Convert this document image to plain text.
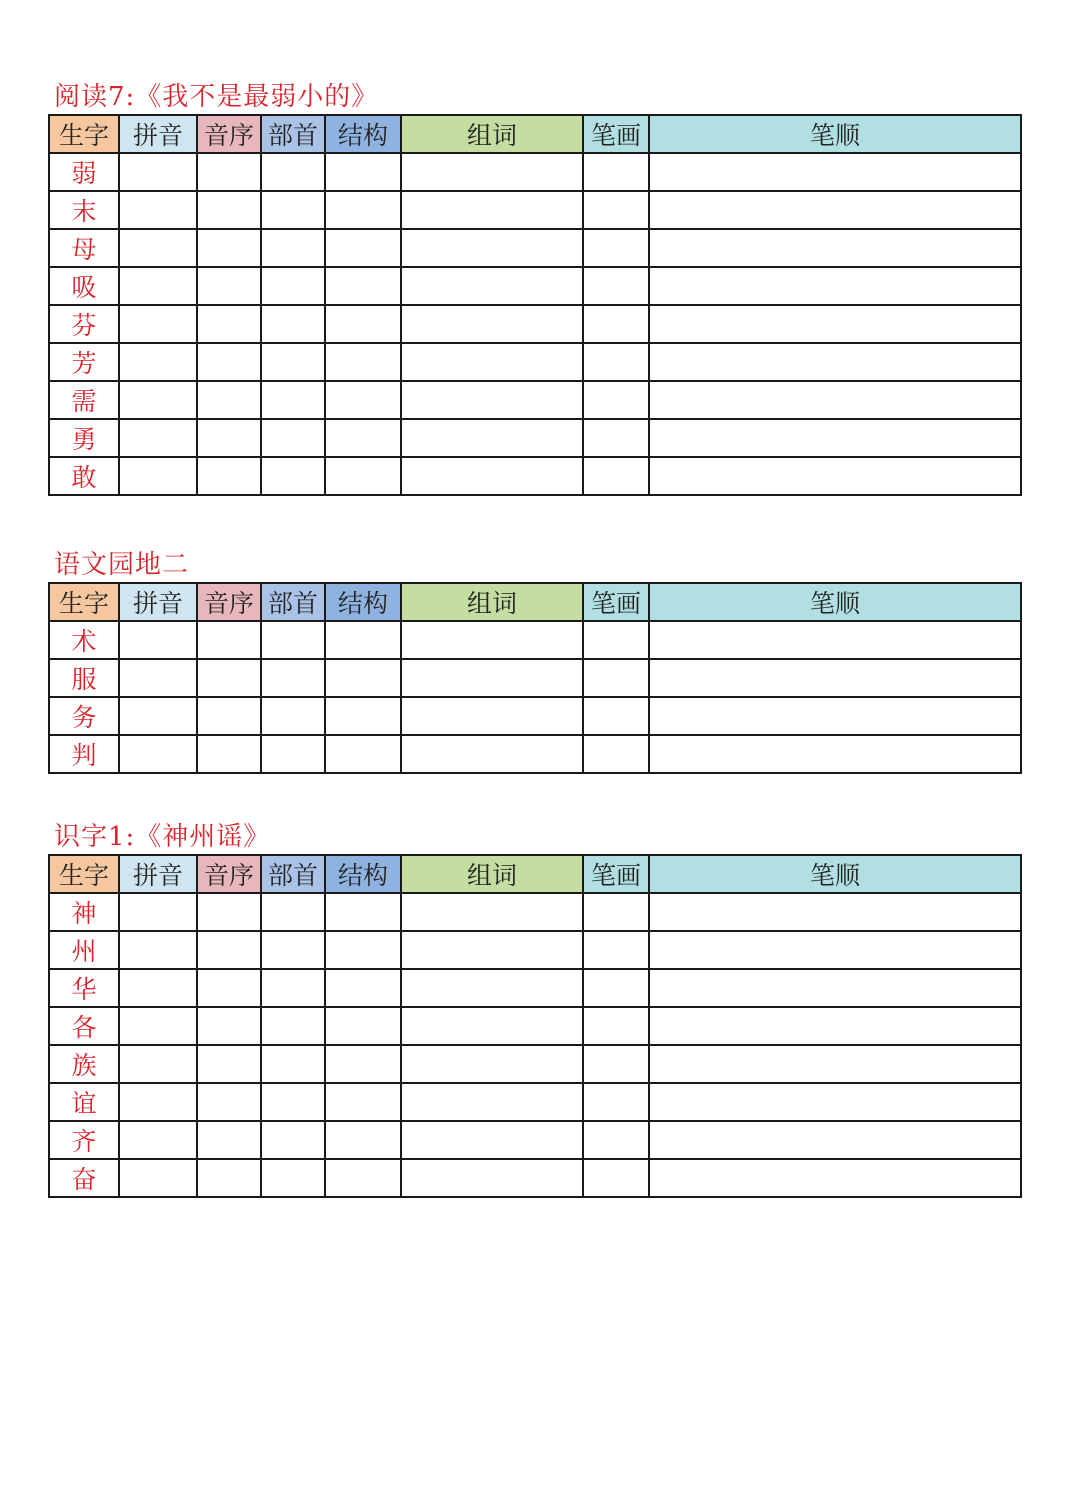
阅读7:《我不是最弱小的》
生字	拼音	音序	部首	结构	组词	笔画	笔顺
弱							
末							
母							
吸							
芬							
芳							
需							
勇							
敢							
语文园地二
生字	拼音	音序	部首	结构	组词	笔画	笔顺
术							
服							
务							
判							
识字1:《神州谣》
生字	拼音	音序	部首	结构	组词	笔画	笔顺
神							
州							
华							
各							
族							
谊							
齐							
奋							
